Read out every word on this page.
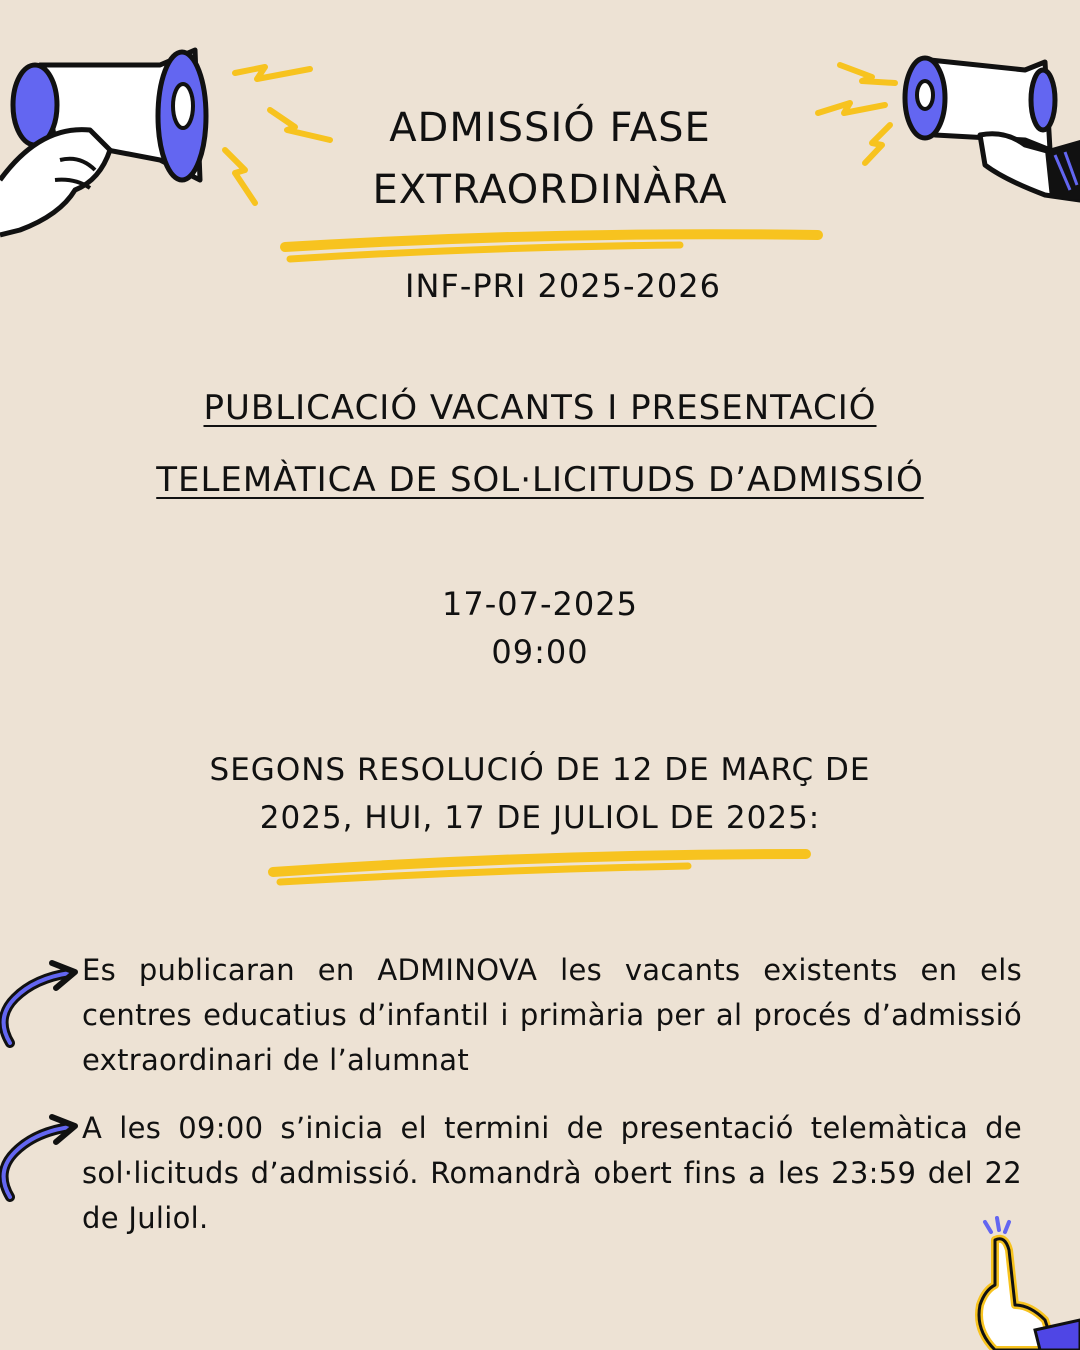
ADMISSIÓ FASE
EXTRAORDINÀRA
INF-PRI 2025-2026
PUBLICACIÓ VACANTS I PRESENTACIÓ
TELEMÀTICA DE SOL·LICITUDS D’ADMISSIÓ
17-07-2025
09:00
SEGONS RESOLUCIÓ DE 12 DE MARÇ DE
2025, HUI, 17 DE JULIOL DE 2025:
Es publicaran en ADMINOVA les vacants existents en els centres educatius d’infantil i primària per al procés d’admissió extraordinari de l’alumnat
A les 09:00 s’inicia el termini de presentació telemàtica de sol·licituds d’admissió. Romandrà obert fins a les 23:59 del 22 de Juliol.
